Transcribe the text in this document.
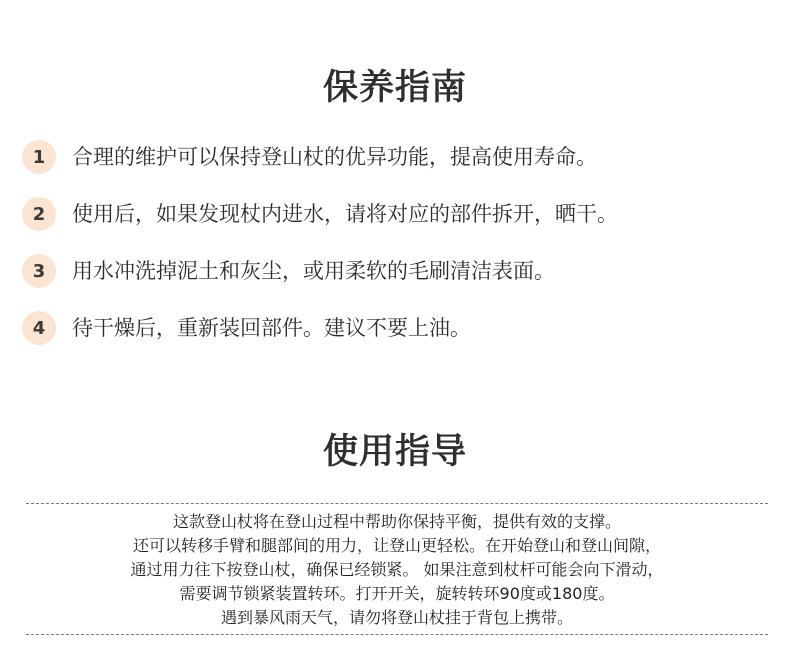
保养指南
1	合理的维护可以保持登山杖的优异功能，提高使用寿命。
2	使用后，如果发现杖内进水，请将对应的部件拆开，晒干。
3	用水冲洗掉泥土和灰尘，或用柔软的毛刷清洁表面。
4	待干燥后，重新装回部件。建议不要上油。
使用指导
这款登山杖将在登山过程中帮助你保持平衡，提供有效的支撑。
还可以转移手臂和腿部间的用力，让登山更轻松。在开始登山和登山间隙，
通过用力往下按登山杖，确保已经锁紧。 如果注意到杖杆可能会向下滑动，
需要调节锁紧装置转环。打开开关，旋转转环90度或180度。
遇到暴风雨天气，请勿将登山杖挂于背包上携带。
